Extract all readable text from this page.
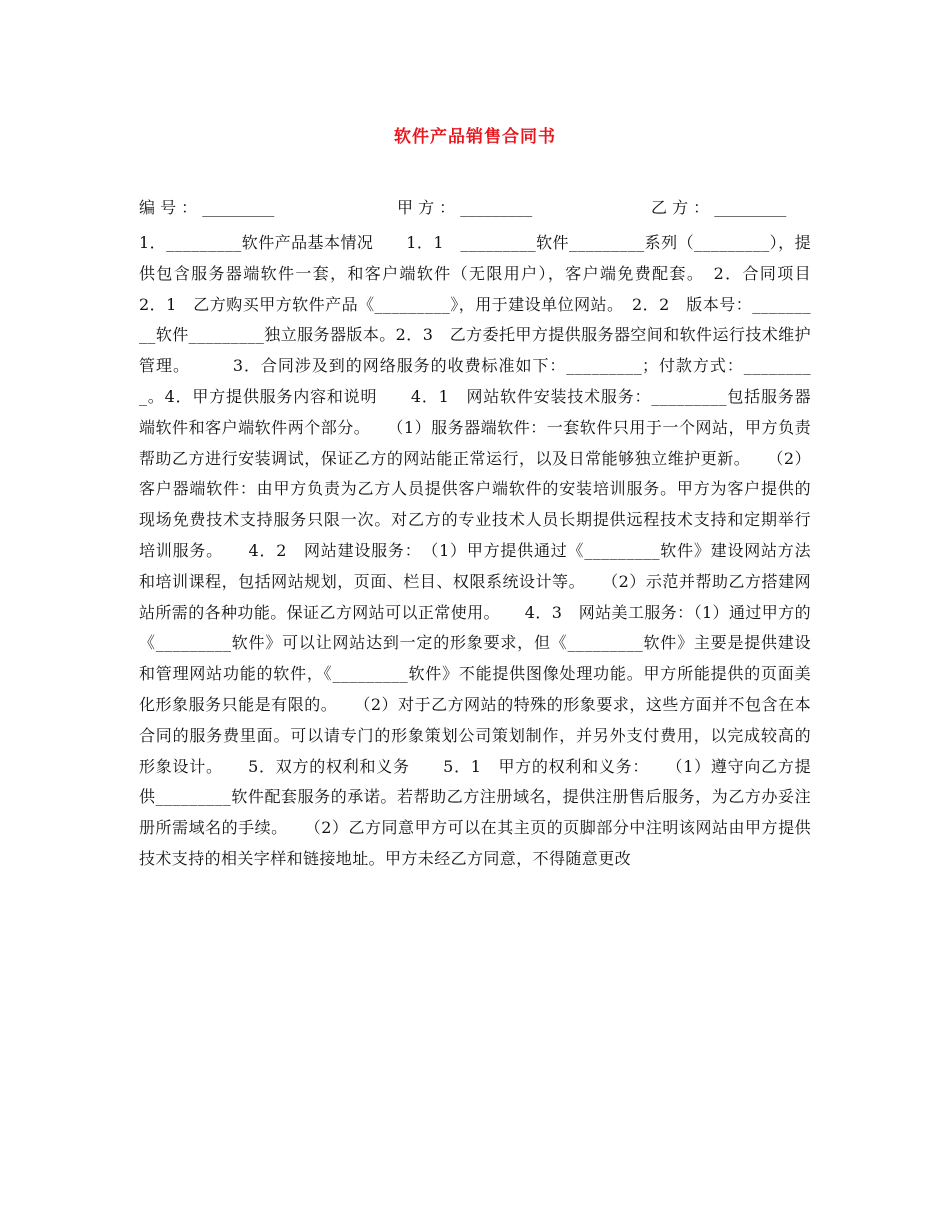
软件产品销售合同书
编 号 ： _________	甲 方 ： _________	乙 方 ： _________

1．_________软件产品基本情况　　1．1　_________软件_________系列（_________），提供包含服务器端软件一套，和客户端软件（无限用户），客户端免费配套。　2．合同项目　　2．1　乙方购买甲方软件产品《_________》，用于建设单位网站。　2．2　版本号：_________软件_________独立服务器版本。2．3　乙方委托甲方提供服务器空间和软件运行技术维护管理。　　　3．合同涉及到的网络服务的收费标准如下：_________；付款方式：_________。4．甲方提供服务内容和说明　　4．1　网站软件安装技术服务：_________包括服务器端软件和客户端软件两个部分。　　（1）服务器端软件：一套软件只用于一个网站，甲方负责帮助乙方进行安装调试，保证乙方的网站能正常运行，以及日常能够独立维护更新。　　（2）客户器端软件：由甲方负责为乙方人员提供客户端软件的安装培训服务。甲方为客户提供的现场免费技术支持服务只限一次。对乙方的专业技术人员长期提供远程技术支持和定期举行培训服务。　　4．2　网站建设服务：　（1）甲方提供通过《_________软件》建设网站方法和培训课程，包括网站规划，页面、栏目、权限系统设计等。　　（2）示范并帮助乙方搭建网站所需的各种功能。保证乙方网站可以正常使用。　　4．3　网站美工服务：（1）通过甲方的《_________软件》可以让网站达到一定的形象要求，但《_________软件》主要是提供建设和管理网站功能的软件，《_________软件》不能提供图像处理功能。甲方所能提供的页面美化形象服务只能是有限的。　　（2）对于乙方网站的特殊的形象要求，这些方面并不包含在本合同的服务费里面。可以请专门的形象策划公司策划制作，并另外支付费用，以完成较高的形象设计。　　5．双方的权利和义务　　5．1　甲方的权利和义务：　　（1）遵守向乙方提供_________软件配套服务的承诺。若帮助乙方注册域名，提供注册售后服务，为乙方办妥注册所需域名的手续。　　（2）乙方同意甲方可以在其主页的页脚部分中注明该网站由甲方提供技术支持的相关字样和链接地址。甲方未经乙方同意，不得随意更改
